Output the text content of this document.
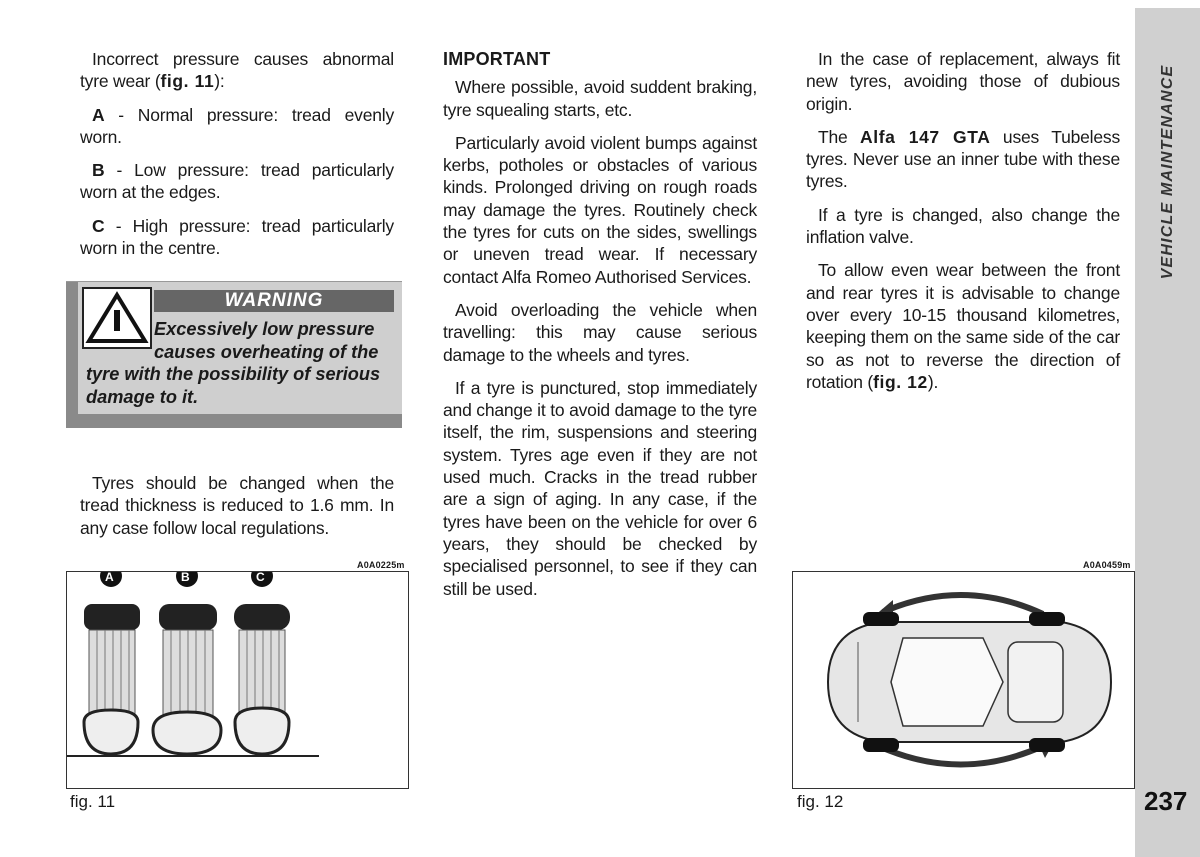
Incorrect pressure causes abnormal tyre wear (fig. 11):

A - Normal pressure: tread evenly worn.

B - Low pressure: tread particularly worn at the edges.

C - High pressure: tread particularly worn in the centre.

WARNING
Excessively low pressure
causes overheating of the
tyre with the possibility of serious damage to it.

Tyres should be changed when the tread thickness is reduced to 1.6 mm. In any case follow local regulations.

A0A0225m
A	B	C
fig. 11
IMPORTANT

Where possible, avoid suddent braking, tyre squealing starts, etc.

Particularly avoid violent bumps against kerbs, potholes or obstacles of various kinds. Prolonged driving on rough roads may damage the tyres. Routinely check the tyres for cuts on the sides, swellings or uneven tread wear. If necessary contact Alfa Romeo Authorised Services.

Avoid overloading the vehicle when travelling: this may cause serious damage to the wheels and tyres.

If a tyre is punctured, stop immediately and change it to avoid damage to the tyre itself, the rim, suspensions and steering system. Tyres age even if they are not used much. Cracks in the tread rubber are a sign of aging. In any case, if the tyres have been on the vehicle for over 6 years, they should be checked by specialised personnel, to see if they can still be used.

In the case of replacement, always fit new tyres, avoiding those of dubious origin.

The Alfa 147 GTA uses Tubeless tyres. Never use an inner tube with these tyres.

If a tyre is changed, also change the inflation valve.

To allow even wear between the front and rear tyres it is advisable to change over every 10-15 thousand kilometres, keeping them on the same side of the car so as not to reverse the direction of rotation (fig. 12).

A0A0459m
fig. 12
VEHICLE MAINTENANCE
237
